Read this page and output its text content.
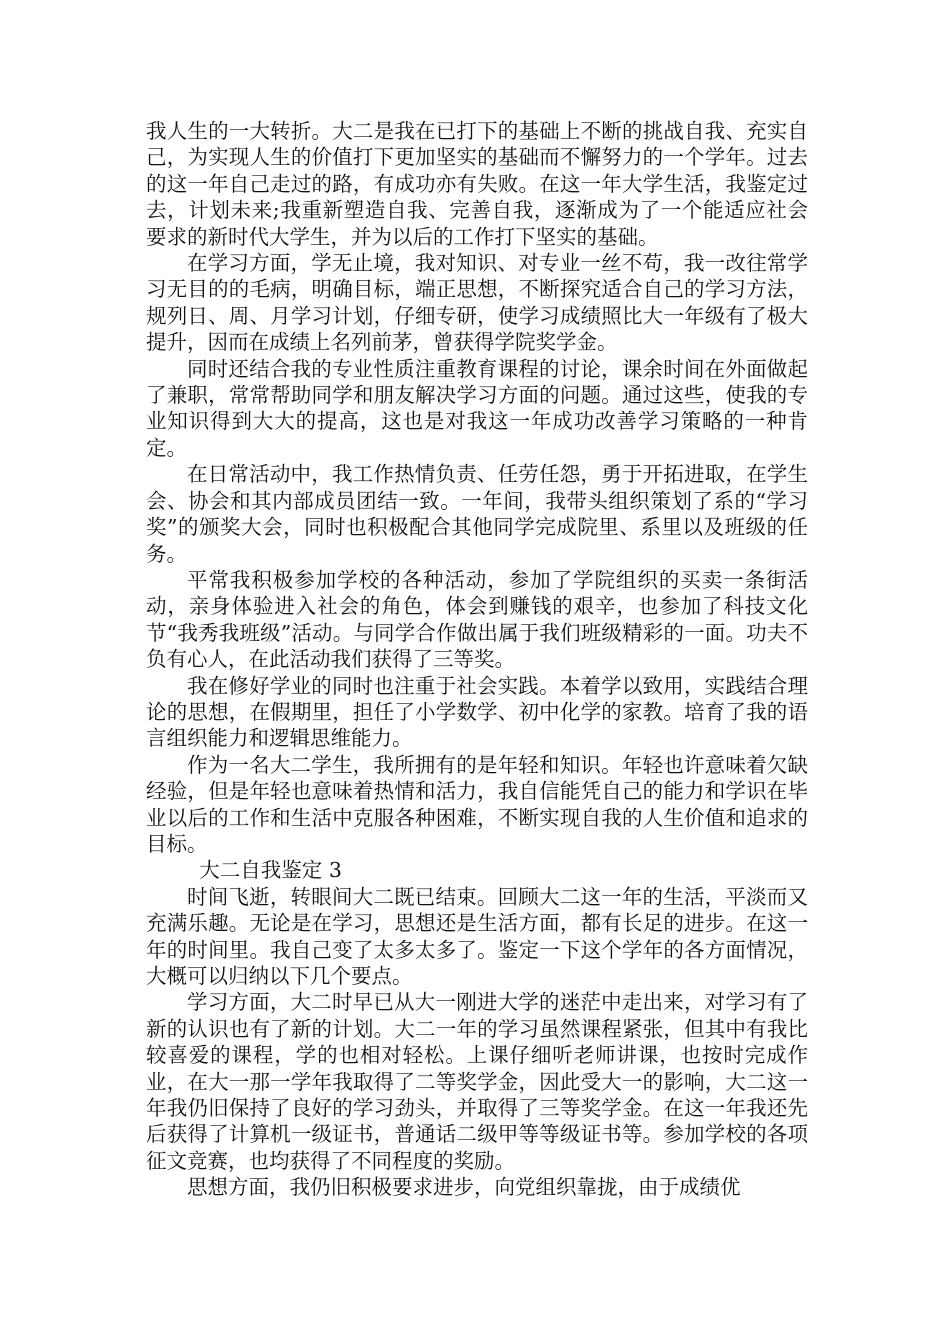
我人生的一大转折。大二是我在已打下的基础上不断的挑战自我、充实自己，为实现人生的价值打下更加坚实的基础而不懈努力的一个学年。过去的这一年自己走过的路，有成功亦有失败。在这一年大学生活，我鉴定过去，计划未来;我重新塑造自我、完善自我，逐渐成为了一个能适应社会要求的新时代大学生，并为以后的工作打下坚实的基础。

在学习方面，学无止境，我对知识、对专业一丝不苟，我一改往常学习无目的的毛病，明确目标，端正思想，不断探究适合自己的学习方法，规列日、周、月学习计划，仔细专研，使学习成绩照比大一年级有了极大提升，因而在成绩上名列前茅，曾获得学院奖学金。

同时还结合我的专业性质注重教育课程的讨论，课余时间在外面做起了兼职，常常帮助同学和朋友解决学习方面的问题。通过这些，使我的专业知识得到大大的提高，这也是对我这一年成功改善学习策略的一种肯定。

在日常活动中，我工作热情负责、任劳任怨，勇于开拓进取，在学生会、协会和其内部成员团结一致。一年间，我带头组织策划了系的“学习奖”的颁奖大会，同时也积极配合其他同学完成院里、系里以及班级的任务。

平常我积极参加学校的各种活动，参加了学院组织的买卖一条街活动，亲身体验进入社会的角色，体会到赚钱的艰辛，也参加了科技文化节“我秀我班级”活动。与同学合作做出属于我们班级精彩的一面。功夫不负有心人，在此活动我们获得了三等奖。

我在修好学业的同时也注重于社会实践。本着学以致用，实践结合理论的思想，在假期里，担任了小学数学、初中化学的家教。培育了我的语言组织能力和逻辑思维能力。

作为一名大二学生，我所拥有的是年轻和知识。年轻也许意味着欠缺经验，但是年轻也意味着热情和活力，我自信能凭自己的能力和学识在毕业以后的工作和生活中克服各种困难，不断实现自我的人生价值和追求的目标。

大二自我鉴定 3

时间飞逝，转眼间大二既已结束。回顾大二这一年的生活，平淡而又充满乐趣。无论是在学习，思想还是生活方面，都有长足的进步。在这一年的时间里。我自己变了太多太多了。鉴定一下这个学年的各方面情况，大概可以归纳以下几个要点。

学习方面，大二时早已从大一刚进大学的迷茫中走出来，对学习有了新的认识也有了新的计划。大二一年的学习虽然课程紧张，但其中有我比较喜爱的课程，学的也相对轻松。上课仔细听老师讲课，也按时完成作业，在大一那一学年我取得了二等奖学金，因此受大一的影响，大二这一年我仍旧保持了良好的学习劲头，并取得了三等奖学金。在这一年我还先后获得了计算机一级证书，普通话二级甲等等级证书等。参加学校的各项征文竞赛，也均获得了不同程度的奖励。

思想方面，我仍旧积极要求进步，向党组织靠拢，由于成绩优
